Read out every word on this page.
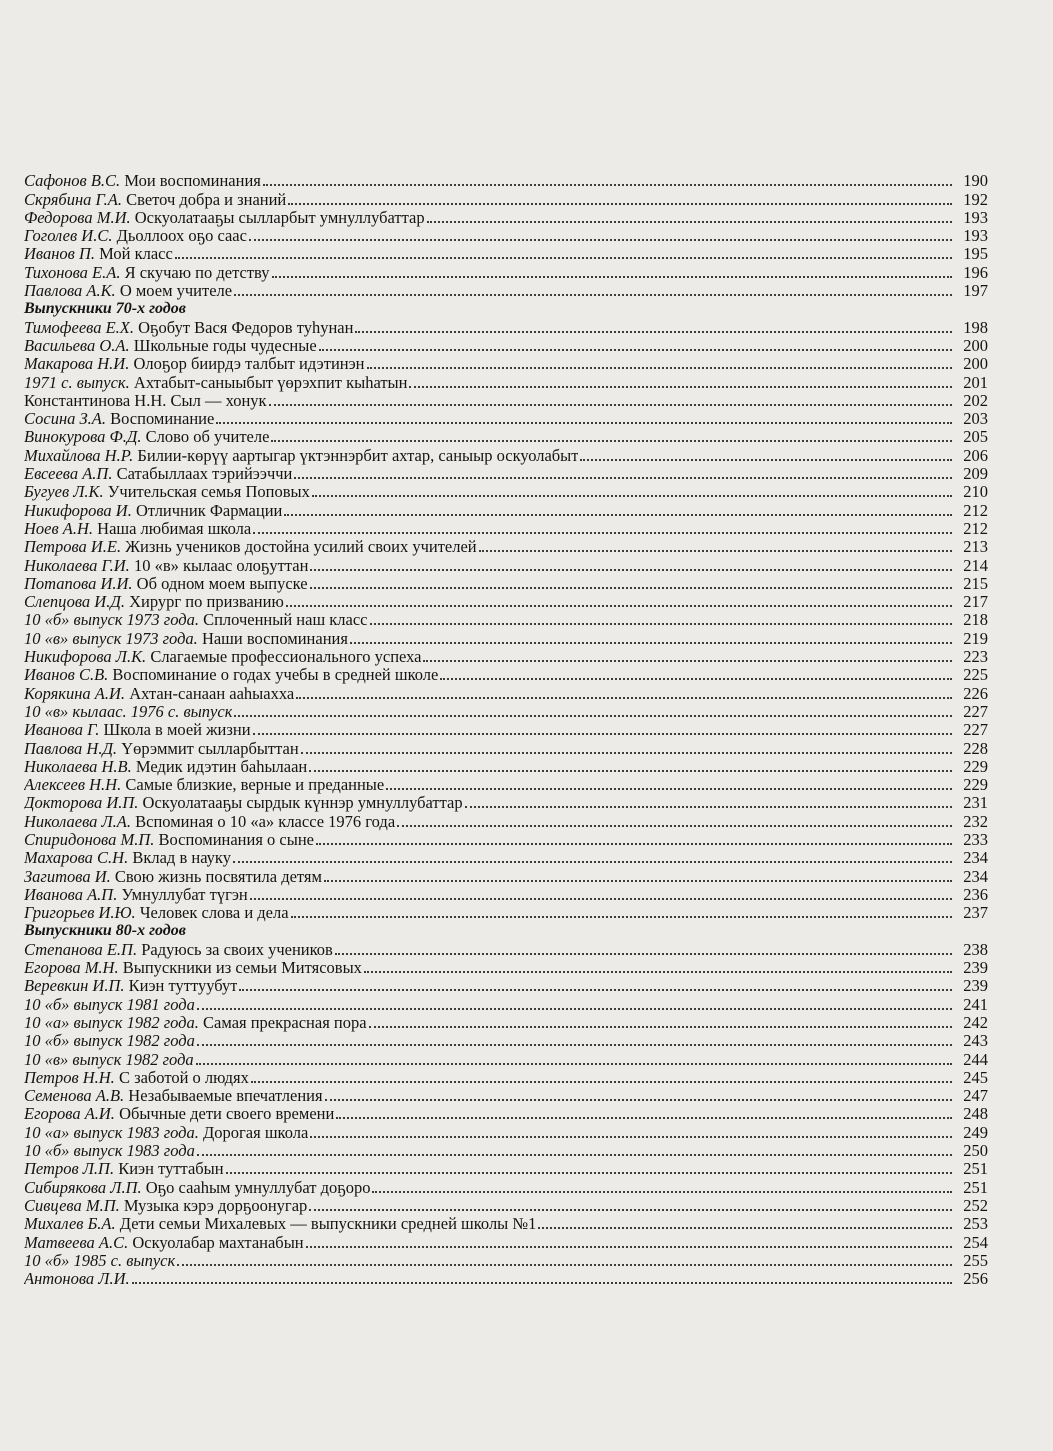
Сафонов В.С. Мои воспоминания	190
Скрябина Г.А. Светоч добра и знаний	192
Федорова М.И. Оскуолатааҕы сылларбыт умнуллубаттар	193
Гоголев И.С. Дьоллоох оҕо саас	193
Иванов П. Мой класс	195
Тихонова Е.А. Я скучаю по детству	196
Павлова А.К. О моем учителе	197
Выпускники 70-х годов
Тимофеева Е.Х. Оҕобут Вася Федоров туһунан	198
Васильева О.А. Школьные годы чудесные	200
Макарова Н.И. Олоҕор биирдэ талбыт идэтинэн	200
1971 с. выпуск. Ахтабыт-саныыбыт үөрэхпит кыһатын	201
Константинова Н.Н. Сыл — хонук	202
Сосина З.А. Воспоминание	203
Винокурова Ф.Д. Слово об учителе	205
Михайлова Н.Р. Билии-көрүү аартыгар үктэннэрбит ахтар, саныыр оскуолабыт	206
Евсеева А.П. Сатабыллаах тэрийээччи	209
Бугуев Л.К. Учительская семья Поповых	210
Никифорова И. Отличник Фармации	212
Ноев А.Н. Наша любимая школа	212
Петрова И.Е. Жизнь учеников достойна усилий своих учителей	213
Николаева Г.И. 10 «в» кылаас олоҕуттан	214
Потапова И.И. Об одном моем выпуске	215
Слепцова И.Д. Хирург по призванию	217
10 «б» выпуск 1973 года. Сплоченный наш класс	218
10 «в» выпуск 1973 года. Наши воспоминания	219
Никифорова Л.К. Слагаемые профессионального успеха	223
Иванов С.В. Воспоминание о годах учебы в средней школе	225
Корякина А.И. Ахтан-санаан ааһыахха	226
10 «в» кылаас. 1976 с. выпуск	227
Иванова Г. Школа в моей жизни	227
Павлова Н.Д. Үөрэммит сылларбыттан	228
Николаева Н.В. Медик идэтин баһылаан	229
Алексеев Н.Н. Самые близкие, верные и преданные	229
Докторова И.П. Оскуолатааҕы сырдык күннэр умнуллубаттар	231
Николаева Л.А. Вспоминая о 10 «а» классе 1976 года	232
Спиридонова М.П. Воспоминания о сыне	233
Махарова С.Н. Вклад в науку	234
Загитова И. Свою жизнь посвятила детям	234
Иванова А.П. Умнуллубат түгэн	236
Григорьев И.Ю. Человек слова и дела	237
Выпускники 80-х годов
Степанова Е.П. Радуюсь за своих учеников	238
Егорова М.Н. Выпускники из семьи Митясовых	239
Веревкин И.П. Киэн туттуубут	239
10 «б» выпуск 1981 года	241
10 «а» выпуск 1982 года. Самая прекрасная пора	242
10 «б» выпуск 1982 года	243
10 «в» выпуск 1982 года	244
Петров Н.Н. С заботой о людях	245
Семенова А.В. Незабываемые впечатления	247
Егорова А.И. Обычные дети своего времени	248
10 «а» выпуск 1983 года. Дорогая школа	249
10 «б» выпуск 1983 года	250
Петров Л.П. Киэн туттабын	251
Сибирякова Л.П. Оҕо сааһым умнуллубат доҕоро	251
Сивцева М.П. Музыка кэрэ дорҕоонугар	252
Михалев Б.А. Дети семьи Михалевых — выпускники средней школы №1	253
Матвеева А.С. Оскуолабар махтанабын	254
10 «б» 1985 с. выпуск	255
Антонова Л.И.	256
